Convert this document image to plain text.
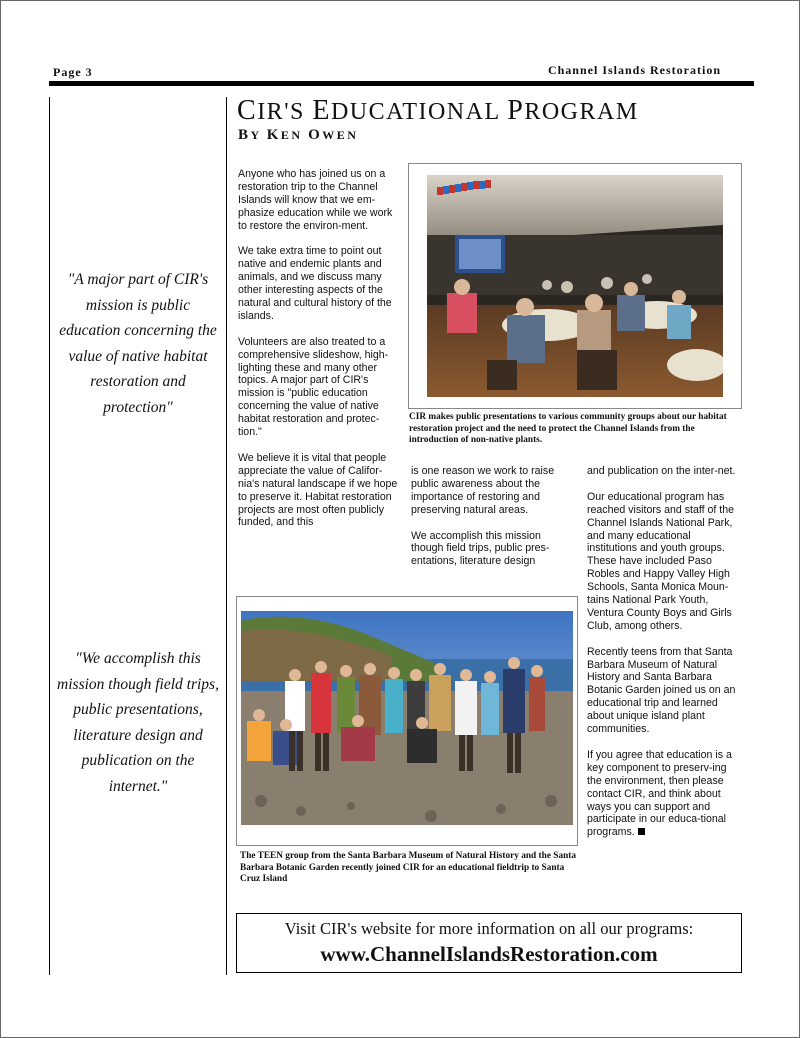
Page 3	Channel Islands Restoration
"A major part of CIR's mission is public education concerning the value of native habitat restoration and protection"
"We accomplish this mission though field trips, public presentations, literature design and publication on the internet."
CIR'S EDUCATIONAL PROGRAM
BY KEN OWEN

Anyone who has joined us on a restoration trip to the Channel Islands will know that we em-phasize education while we work to restore the environ-ment.

We take extra time to point out native and endemic plants and animals, and we discuss many other interesting aspects of the natural and cultural history of the islands.

Volunteers are also treated to a comprehensive slideshow, high-lighting these and many other topics. A major part of CIR's mission is "public education concerning the value of native habitat restoration and protec-tion."

We believe it is vital that people appreciate the value of Califor-nia's natural landscape if we hope to preserve it. Habitat restoration projects are most often publicly funded, and this

CIR makes public presentations to various community groups about our habitat restoration project and the need to protect the Channel Islands from the introduction of non-native plants.

is one reason we work to raise public awareness about the importance of restoring and preserving natural areas.

We accomplish this mission though field trips, public pres-entations, literature design

and publication on the inter-net.

Our educational program has reached visitors and staff of the Channel Islands National Park, and many educational institutions and youth groups. These have included Paso Robles and Happy Valley High Schools, Santa Monica Moun-tains National Park Youth, Ventura County Boys and Girls Club, among others.

Recently teens from that Santa Barbara Museum of Natural History and Santa Barbara Botanic Garden joined us on an educational trip and learned about unique island plant communities.

If you agree that education is a key component to preserv-ing the environment, then please contact CIR, and think about ways you can support and participate in our educa-tional programs.

The TEEN group from the Santa Barbara Museum of Natural History and the Santa Barbara Botanic Garden recently joined CIR for an educational fieldtrip to Santa Cruz Island
Visit CIR's website for more information on all our programs:
www.ChannelIslandsRestoration.com
